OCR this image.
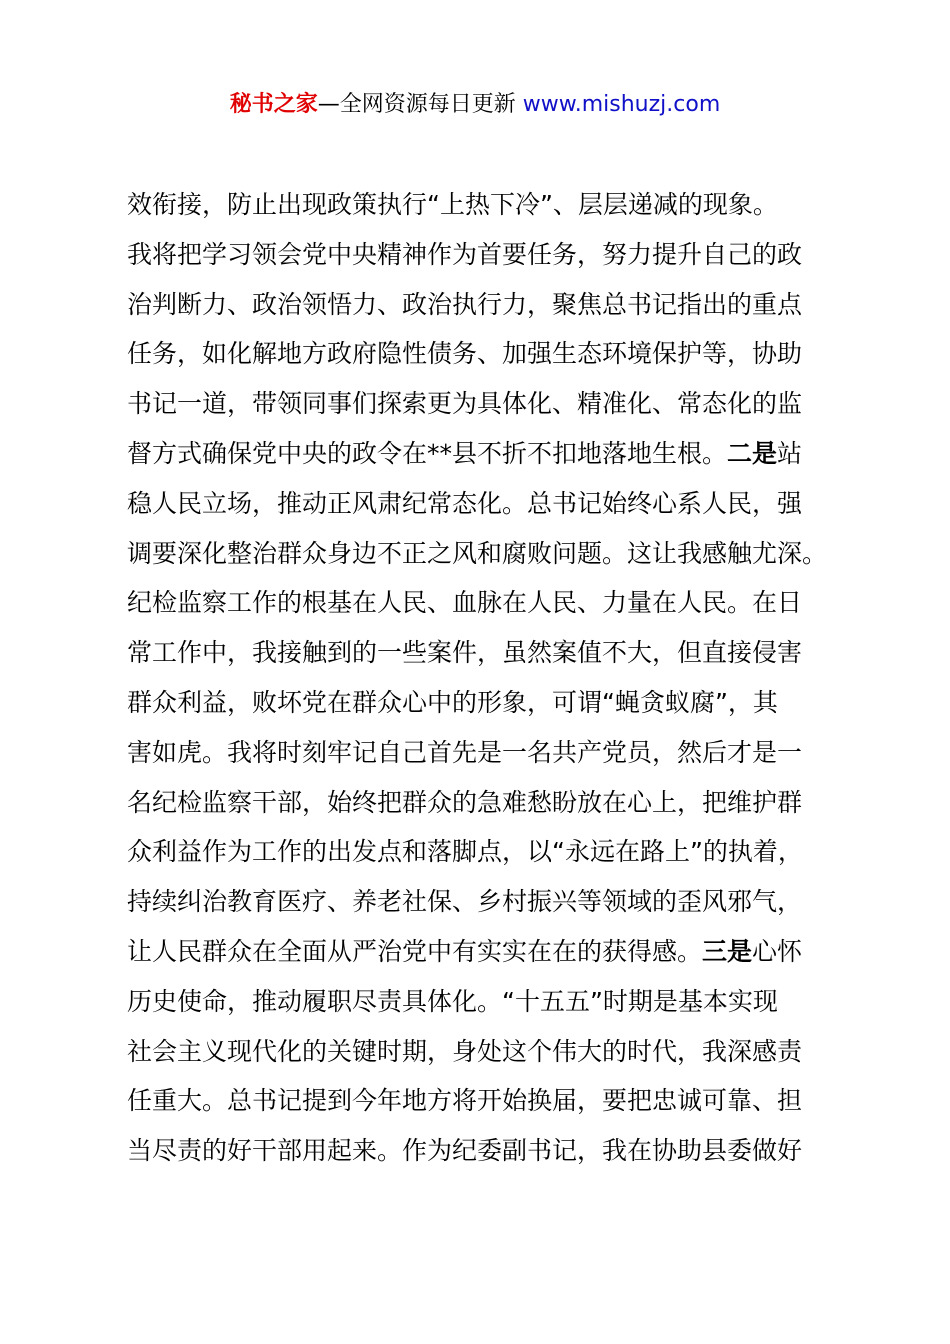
秘书之家—全网资源每日更新 www.mishuzj.com
效衔接，防止出现政策执行“上热下冷”、层层递减的现象。
我将把学习领会党中央精神作为首要任务，努力提升自己的政
治判断力、政治领悟力、政治执行力，聚焦总书记指出的重点
任务，如化解地方政府隐性债务、加强生态环境保护等，协助
书记一道，带领同事们探索更为具体化、精准化、常态化的监
督方式确保党中央的政令在**县不折不扣地落地生根。二是站
稳人民立场，推动正风肃纪常态化。总书记始终心系人民，强
调要深化整治群众身边不正之风和腐败问题。这让我感触尤深。
纪检监察工作的根基在人民、血脉在人民、力量在人民。在日
常工作中，我接触到的一些案件，虽然案值不大，但直接侵害
群众利益，败坏党在群众心中的形象，可谓“蝇贪蚁腐”，其
害如虎。我将时刻牢记自己首先是一名共产党员，然后才是一
名纪检监察干部，始终把群众的急难愁盼放在心上，把维护群
众利益作为工作的出发点和落脚点，以“永远在路上”的执着，
持续纠治教育医疗、养老社保、乡村振兴等领域的歪风邪气，
让人民群众在全面从严治党中有实实在在的获得感。三是心怀
历史使命，推动履职尽责具体化。“十五五”时期是基本实现
社会主义现代化的关键时期，身处这个伟大的时代，我深感责
任重大。总书记提到今年地方将开始换届，要把忠诚可靠、担
当尽责的好干部用起来。作为纪委副书记，我在协助县委做好
